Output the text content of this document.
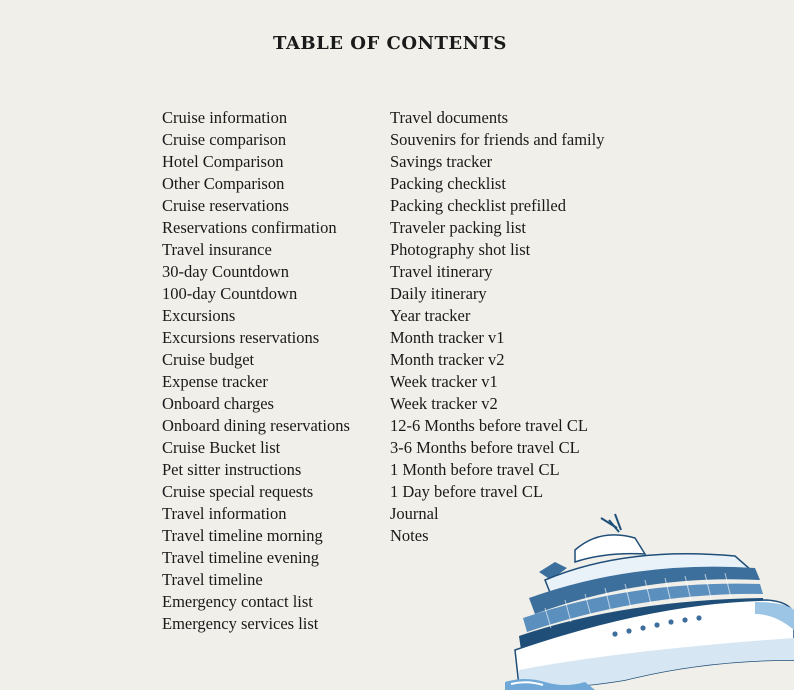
TABLE OF CONTENTS
Cruise information
Cruise comparison
Hotel Comparison
Other Comparison
Cruise reservations
Reservations confirmation
Travel insurance
30-day Countdown
100-day Countdown
Excursions
Excursions reservations
Cruise budget
Expense tracker
Onboard charges
Onboard dining reservations
Cruise Bucket list
Pet sitter instructions
Cruise special requests
Travel information
Travel timeline morning
Travel timeline evening
Travel timeline
Emergency contact list
Emergency services list
Travel documents
Souvenirs for friends and family
Savings tracker
Packing checklist
Packing checklist prefilled
Traveler packing list
Photography shot list
Travel itinerary
Daily itinerary
Year tracker
Month tracker v1
Month tracker v2
Week tracker v1
Week tracker v2
12-6 Months before travel CL
3-6 Months before travel CL
1 Month before travel CL
1 Day before travel CL
Journal
Notes
